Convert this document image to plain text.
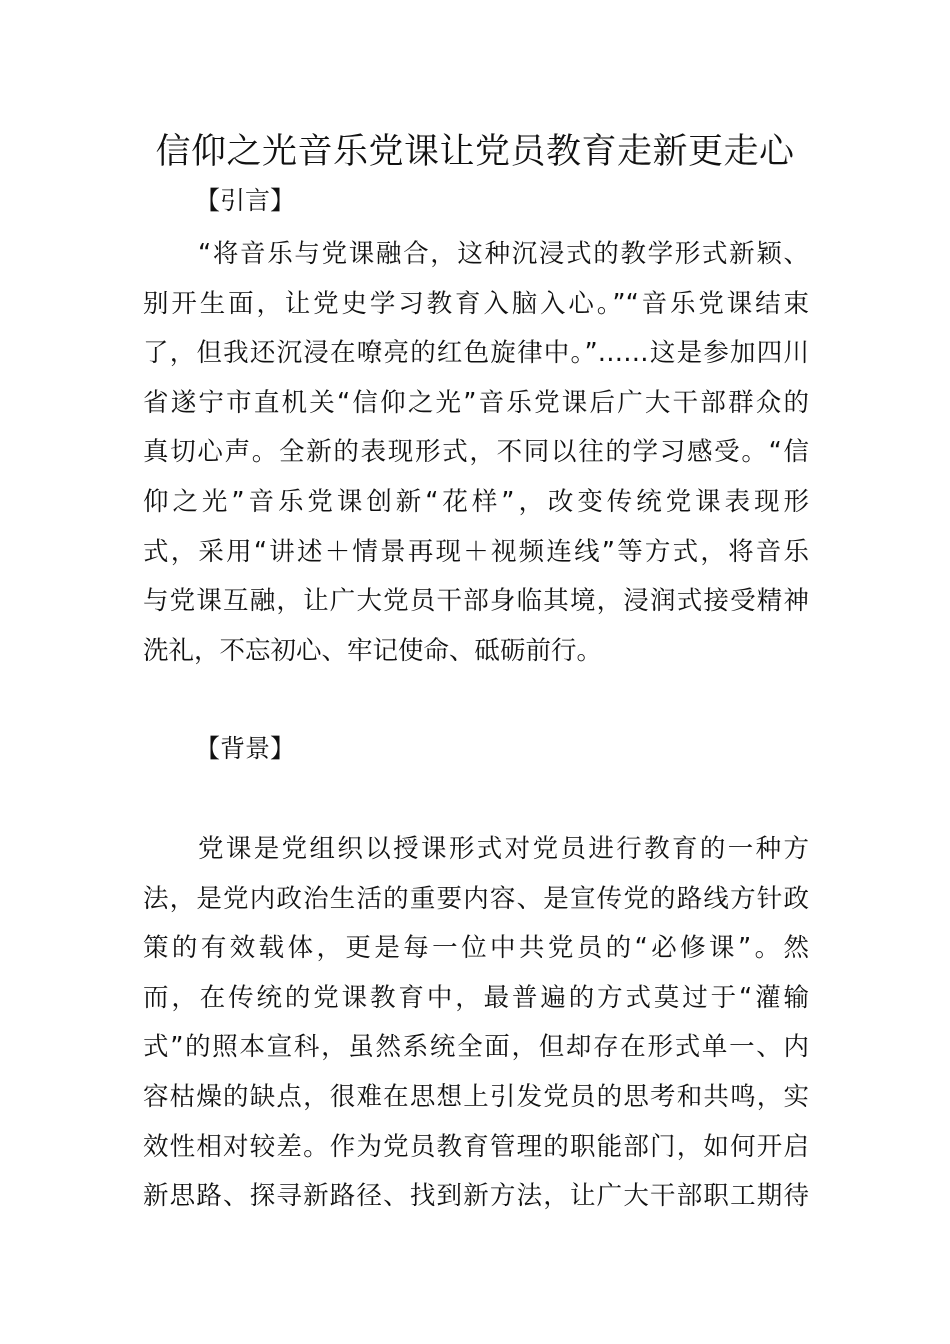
信仰之光音乐党课让党员教育走新更走心
【引言】
“将音乐与党课融合，这种沉浸式的教学形式新颖、
别开生面，让党史学习教育入脑入心。”“音乐党课结束
了，但我还沉浸在嘹亮的红色旋律中。”……这是参加四川
省遂宁市直机关“信仰之光”音乐党课后广大干部群众的
真切心声。全新的表现形式，不同以往的学习感受。“信
仰之光”音乐党课创新“花样”，改变传统党课表现形
式，采用“讲述＋情景再现＋视频连线”等方式，将音乐
与党课互融，让广大党员干部身临其境，浸润式接受精神
洗礼，不忘初心、牢记使命、砥砺前行。
【背景】
党课是党组织以授课形式对党员进行教育的一种方
法，是党内政治生活的重要内容、是宣传党的路线方针政
策的有效载体，更是每一位中共党员的“必修课”。然
而，在传统的党课教育中，最普遍的方式莫过于“灌输
式”的照本宣科，虽然系统全面，但却存在形式单一、内
容枯燥的缺点，很难在思想上引发党员的思考和共鸣，实
效性相对较差。作为党员教育管理的职能部门，如何开启
新思路、探寻新路径、找到新方法，让广大干部职工期待
